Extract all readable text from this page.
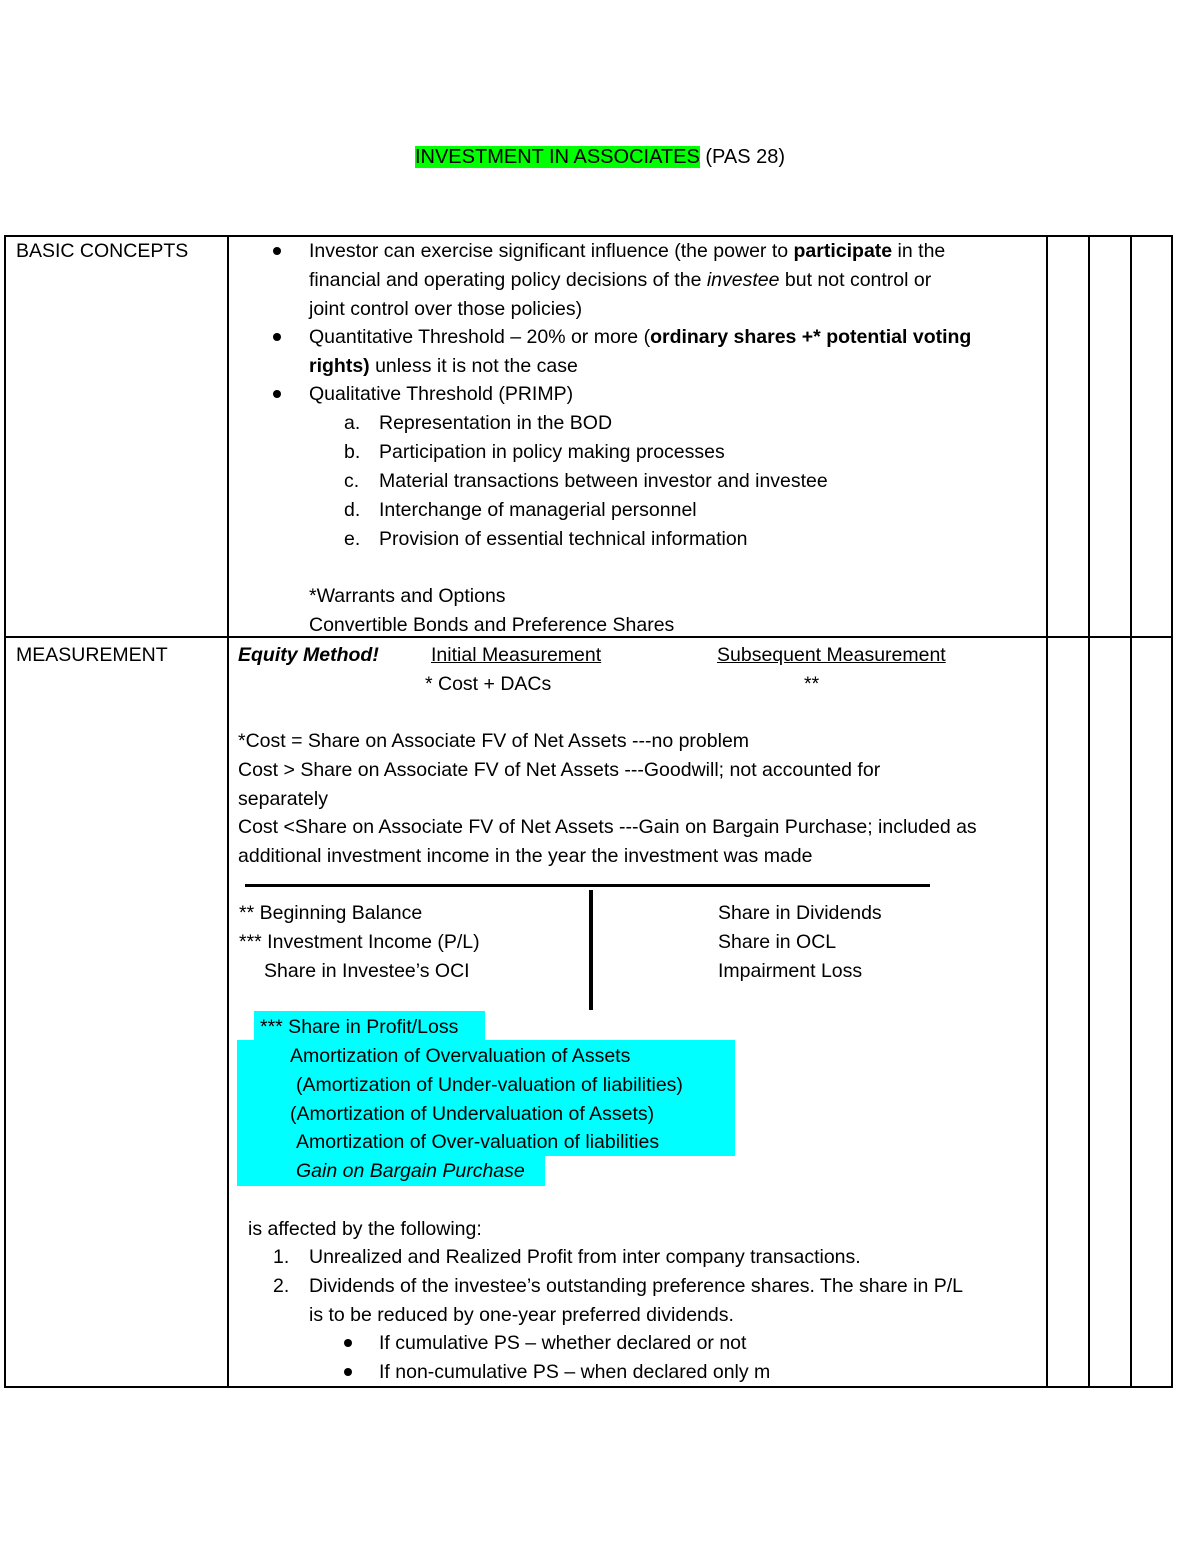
INVESTMENT IN ASSOCIATES (PAS 28)
BASIC CONCEPTS	Investor can exercise significant influence (the power to participate in the
financial and operating policy decisions of the investee but not control or
joint control over those policies)
Quantitative Threshold – 20% or more (ordinary shares +* potential voting
rights) unless it is not the case
Qualitative Threshold (PRIMP)
a. Representation in the BOD
b. Participation in policy making processes
c. Material transactions between investor and investee
d. Interchange of managerial personnel
e. Provision of essential technical information
*Warrants and Options
Convertible Bonds and Preference Shares
MEASUREMENT	Equity Method!	Initial Measurement	Subsequent Measurement
* Cost + DACs	**
*Cost = Share on Associate FV of Net Assets ---no problem
Cost > Share on Associate FV of Net Assets ---Goodwill; not accounted for
separately
Cost <Share on Associate FV of Net Assets ---Gain on Bargain Purchase; included as
additional investment income in the year the investment was made
** Beginning Balance
*** Investment Income (P/L)
Share in Investee’s OCI
Share in Dividends
Share in OCL
Impairment Loss
*** Share in Profit/Loss
Amortization of Overvaluation of Assets
(Amortization of Under-valuation of liabilities)
(Amortization of Undervaluation of Assets)
Amortization of Over-valuation of liabilities
Gain on Bargain Purchase
is affected by the following:
1. Unrealized and Realized Profit from inter company transactions.
2. Dividends of the investee’s outstanding preference shares. The share in P/L
is to be reduced by one-year preferred dividends.
If cumulative PS – whether declared or not
If non-cumulative PS – when declared only m
